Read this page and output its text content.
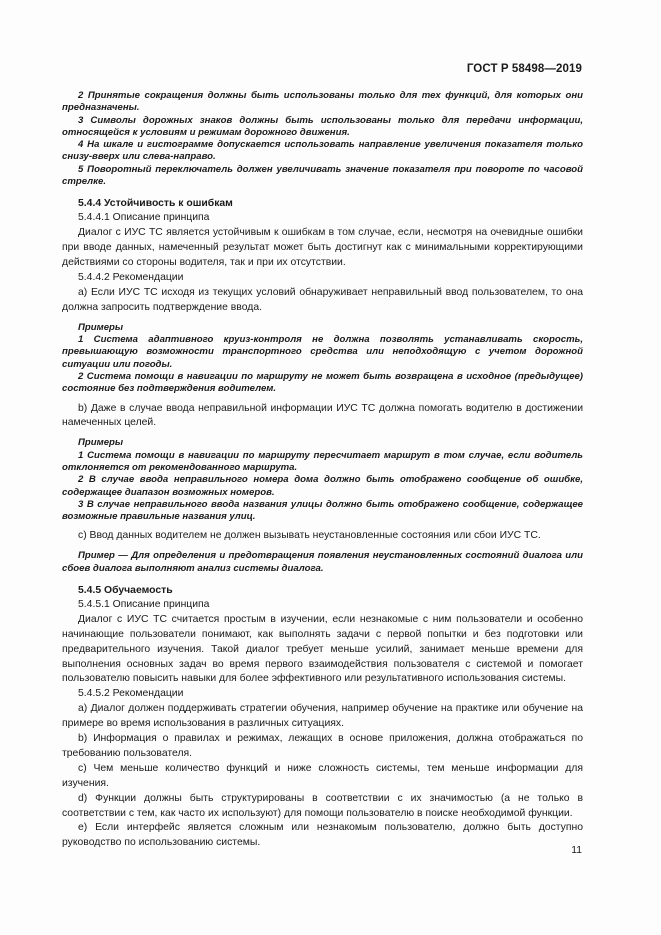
ГОСТ Р 58498—2019

2 Принятые сокращения должны быть использованы только для тех функций, для которых они предназначены.

3 Символы дорожных знаков должны быть использованы только для передачи информации, относящейся к условиям и режимам дорожного движения.

4 На шкале и гистограмме допускается использовать направление увеличения показателя только снизу-вверх или слева-направо.

5 Поворотный переключатель должен увеличивать значение показателя при повороте по часовой стрелке.

5.4.4 Устойчивость к ошибкам

5.4.4.1 Описание принципа

Диалог с ИУС ТС является устойчивым к ошибкам в том случае, если, несмотря на очевидные ошибки при вводе данных, намеченный результат может быть достигнут как с минимальными корректирующими действиями со стороны водителя, так и при их отсутствии.

5.4.4.2 Рекомендации

а) Если ИУС ТС исходя из текущих условий обнаруживает неправильный ввод пользователем, то она должна запросить подтверждение ввода.

Примеры

1 Система адаптивного круиз-контроля не должна позволять устанавливать скорость, превышающую возможности транспортного средства или неподходящую с учетом дорожной ситуации или погоды.

2 Система помощи в навигации по маршруту не может быть возвращена в исходное (предыдущее) состояние без подтверждения водителем.

b) Даже в случае ввода неправильной информации ИУС ТС должна помогать водителю в достижении намеченных целей.

Примеры

1 Система помощи в навигации по маршруту пересчитает маршрут в том случае, если водитель отклоняется от рекомендованного маршрута.

2 В случае ввода неправильного номера дома должно быть отображено сообщение об ошибке, содержащее диапазон возможных номеров.

3 В случае неправильного ввода названия улицы должно быть отображено сообщение, содержащее возможные правильные названия улиц.

с) Ввод данных водителем не должен вызывать неустановленные состояния или сбои ИУС ТС.

Пример — Для определения и предотвращения появления неустановленных состояний диалога или сбоев диалога выполняют анализ системы диалога.

5.4.5 Обучаемость

5.4.5.1 Описание принципа

Диалог с ИУС ТС считается простым в изучении, если незнакомые с ним пользователи и особенно начинающие пользователи понимают, как выполнять задачи с первой попытки и без подготовки или предварительного изучения. Такой диалог требует меньше усилий, занимает меньше времени для выполнения основных задач во время первого взаимодействия пользователя с системой и помогает пользователю повысить навыки для более эффективного или результативного использования системы.

5.4.5.2 Рекомендации

а) Диалог должен поддерживать стратегии обучения, например обучение на практике или обучение на примере во время использования в различных ситуациях.

b) Информация о правилах и режимах, лежащих в основе приложения, должна отображаться по требованию пользователя.

с) Чем меньше количество функций и ниже сложность системы, тем меньше информации для изучения.

d) Функции должны быть структурированы в соответствии с их значимостью (а не только в соответствии с тем, как часто их используют) для помощи пользователю в поиске необходимой функции.

е) Если интерфейс является сложным или незнакомым пользователю, должно быть доступно руководство по использованию системы.

11
